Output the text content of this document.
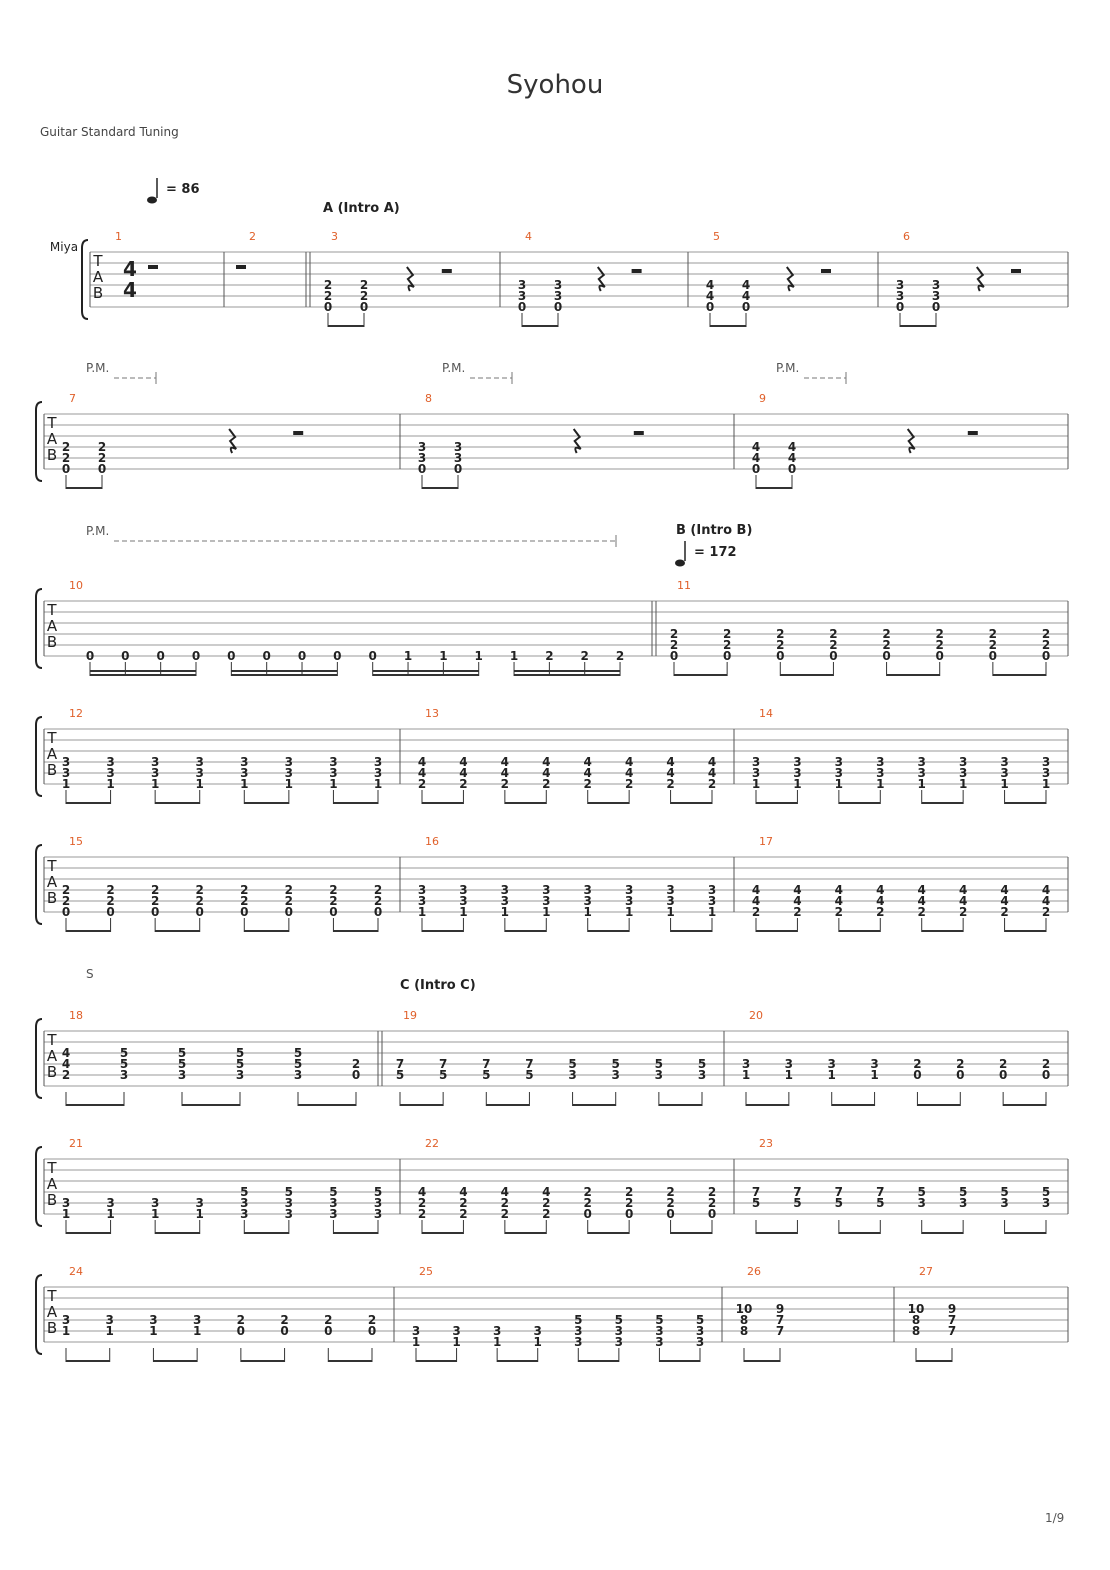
Syohou
Guitar Standard Tuning
1/9
T
A
B
Miya
4
4
1	2	3
2
2
0
2
2
0
4
3
3
0
3
3
0
5
4
4
0
4
4
0
6
3
3
0
3
3
0
T
A
B
7
2
2
0
2
2
0
P.M.
8
3
3
0
3
3
0
P.M.
9
4
4
0
4
4
0
P.M.
T
A
B
10
0 0 0 0 0 0 0 0 0 1 1 1 1 2 2 2
11
2
2
0
2
2
0
2
2
0
2
2
0
2
2
0
2
2
0
2
2
0
2
2
0
T
A
B
12
3
3
1
3
3
1
3
3
1
3
3
1
3
3
1
3
3
1
3
3
1
3
3
1
13
4
4
2
4
4
2
4
4
2
4
4
2
4
4
2
4
4
2
4
4
2
4
4
2
14
3
3
1
3
3
1
3
3
1
3
3
1
3
3
1
3
3
1
3
3
1
3
3
1
T
A
B
15
2
2
0
2
2
0
2
2
0
2
2
0
2
2
0
2
2
0
2
2
0
2
2
0
16
3
3
1
3
3
1
3
3
1
3
3
1
3
3
1
3
3
1
3
3
1
3
3
1
17
4
4
2
4
4
2
4
4
2
4
4
2
4
4
2
4
4
2
4
4
2
4
4
2
T
A
B
18
4
4
2
5
5
3
5
5
3
5
5
3
5
5
3
2
0
19
7
5
7
5
7
5
7
5
5
3
5
3
5
3
5
3
20
3
1
3
1
3
1
3
1
2
0
2
0
2
0
2
0
T
A
B
21
3
1
3
1
3
1
3
1
5
3
3
5
3
3
5
3
3
5
3
3
22
4
2
2
4
2
2
4
2
2
4
2
2
2
2
0
2
2
0
2
2
0
2
2
0
23
7
5
7
5
7
5
7
5
5
3
5
3
5
3
5
3
T
A
B
24
3
1
3
1
3
1
3
1
2
0
2
0
2
0
2
0
25
3
1
3
1
3
1
3
1
5
3
3
5
3
3
5
3
3
5
3
3
26
10
8
8
9
7
7
27
10
8
8
9
7
7
= 86
= 172
A (Intro A)
B (Intro B)
C (Intro C)
P.M.
S
